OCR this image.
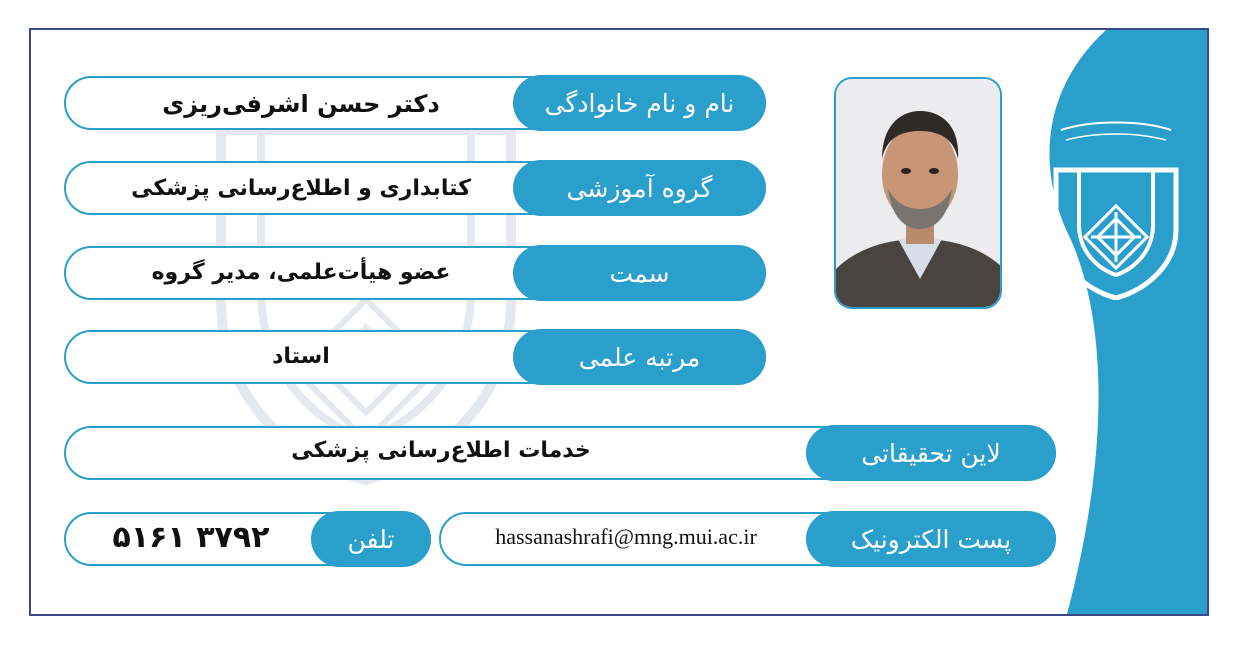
نام و نام خانوادگی
دکتر حسن اشرفی‌ریزی
گروه آموزشی
کتابداری و اطلاع‌رسانی پزشکی
سمت
عضو هیأت‌علمی، مدیر گروه
مرتبه علمی
استاد
لاین تحقیقاتی
خدمات اطلاع‌رسانی پزشکی
پست الکترونیک
hassanashrafi@mng.mui.ac.ir
تلفن
۳۷۹۲ ۵۱۶۱
